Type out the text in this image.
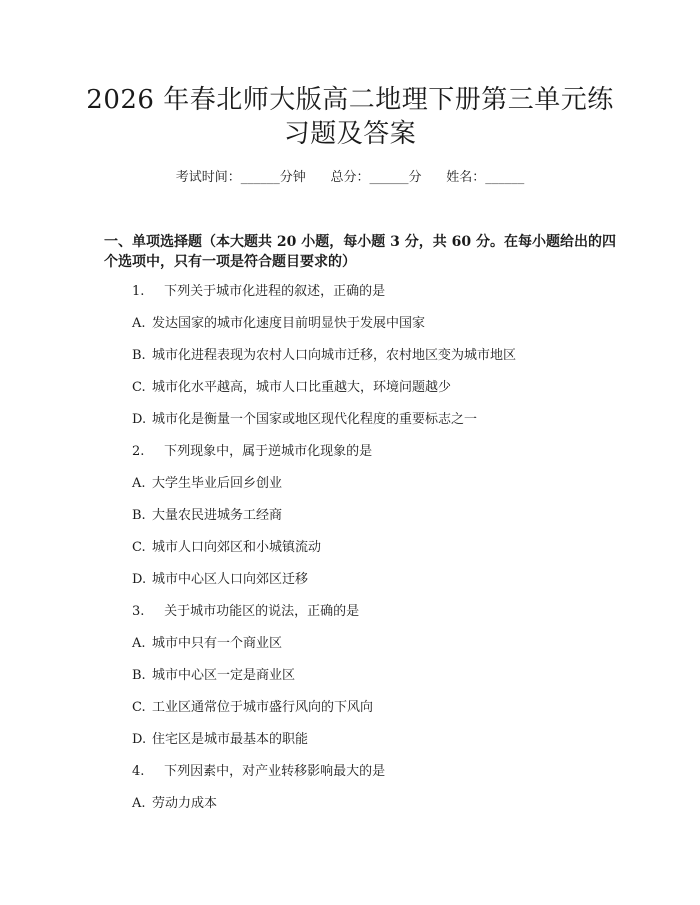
2026 年春北师大版高二地理下册第三单元练
习题及答案
考试时间：______分钟      总分：______分      姓名：______
一、单项选择题（本大题共 20 小题，每小题 3 分，共 60 分。在每小题给出的四
个选项中，只有一项是符合题目要求的）
1. 下列关于城市化进程的叙述，正确的是
A. 发达国家的城市化速度目前明显快于发展中国家
B. 城市化进程表现为农村人口向城市迁移，农村地区变为城市地区
C. 城市化水平越高，城市人口比重越大，环境问题越少
D. 城市化是衡量一个国家或地区现代化程度的重要标志之一
2. 下列现象中，属于逆城市化现象的是
A. 大学生毕业后回乡创业
B. 大量农民进城务工经商
C. 城市人口向郊区和小城镇流动
D. 城市中心区人口向郊区迁移
3. 关于城市功能区的说法，正确的是
A. 城市中只有一个商业区
B. 城市中心区一定是商业区
C. 工业区通常位于城市盛行风向的下风向
D. 住宅区是城市最基本的职能
4. 下列因素中，对产业转移影响最大的是
A. 劳动力成本
